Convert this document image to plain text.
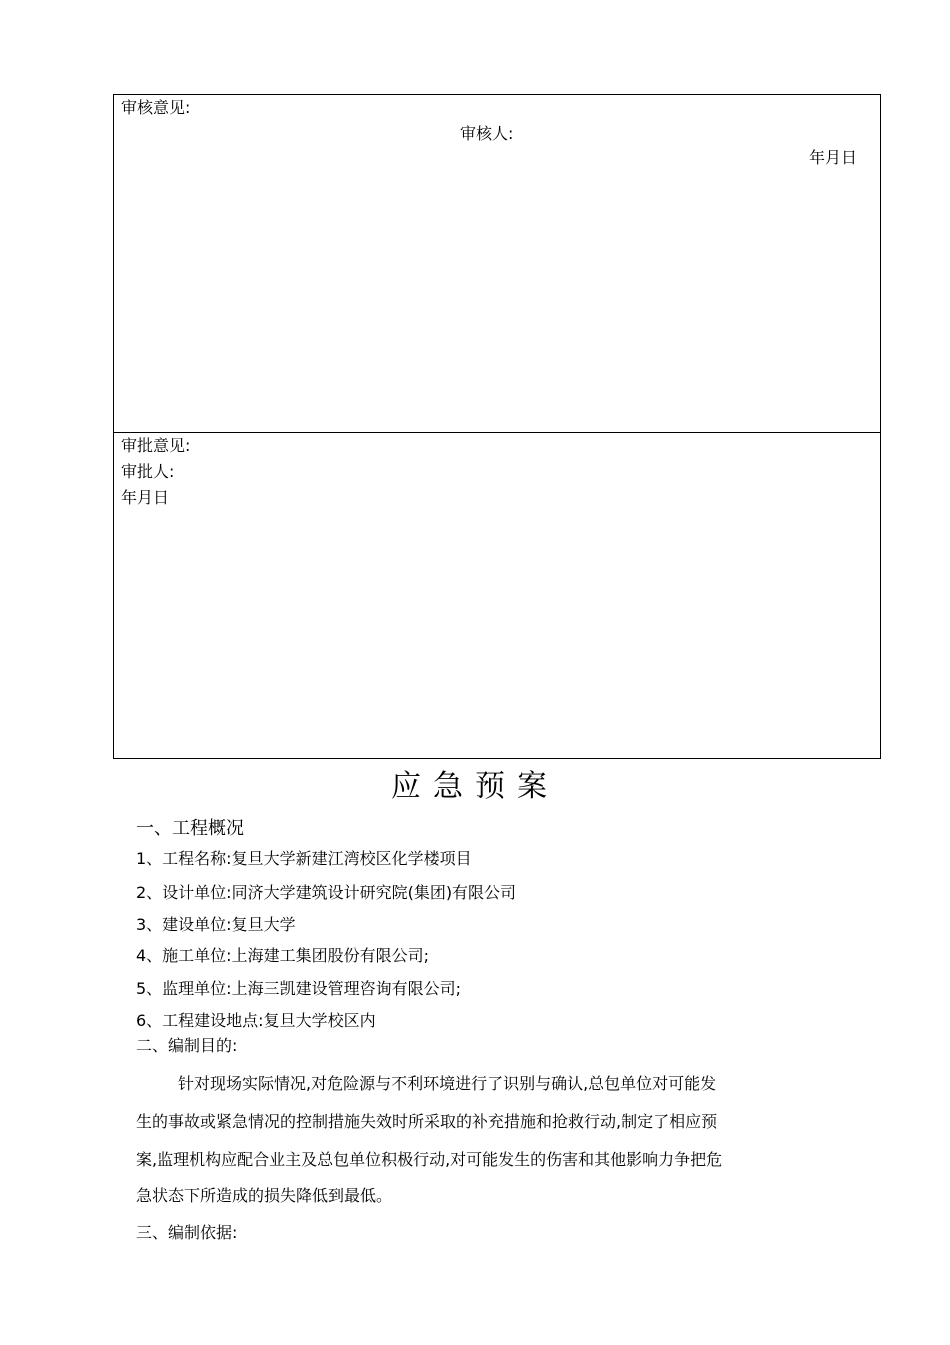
审核意见:
审核人:
年月日
审批意见:
审批人:
年月日
应急预案
一、工程概况
1、工程名称:复旦大学新建江湾校区化学楼项目
2、设计单位:同济大学建筑设计研究院(集团)有限公司
3、建设单位:复旦大学
4、施工单位:上海建工集团股份有限公司;
5、监理单位:上海三凯建设管理咨询有限公司;
6、工程建设地点:复旦大学校区内
二、编制目的:
针对现场实际情况,对危险源与不利环境进行了识别与确认,总包单位对可能发
生的事故或紧急情况的控制措施失效时所采取的补充措施和抢救行动,制定了相应预
案,监理机构应配合业主及总包单位积极行动,对可能发生的伤害和其他影响力争把危
急状态下所造成的损失降低到最低。
三、编制依据:
